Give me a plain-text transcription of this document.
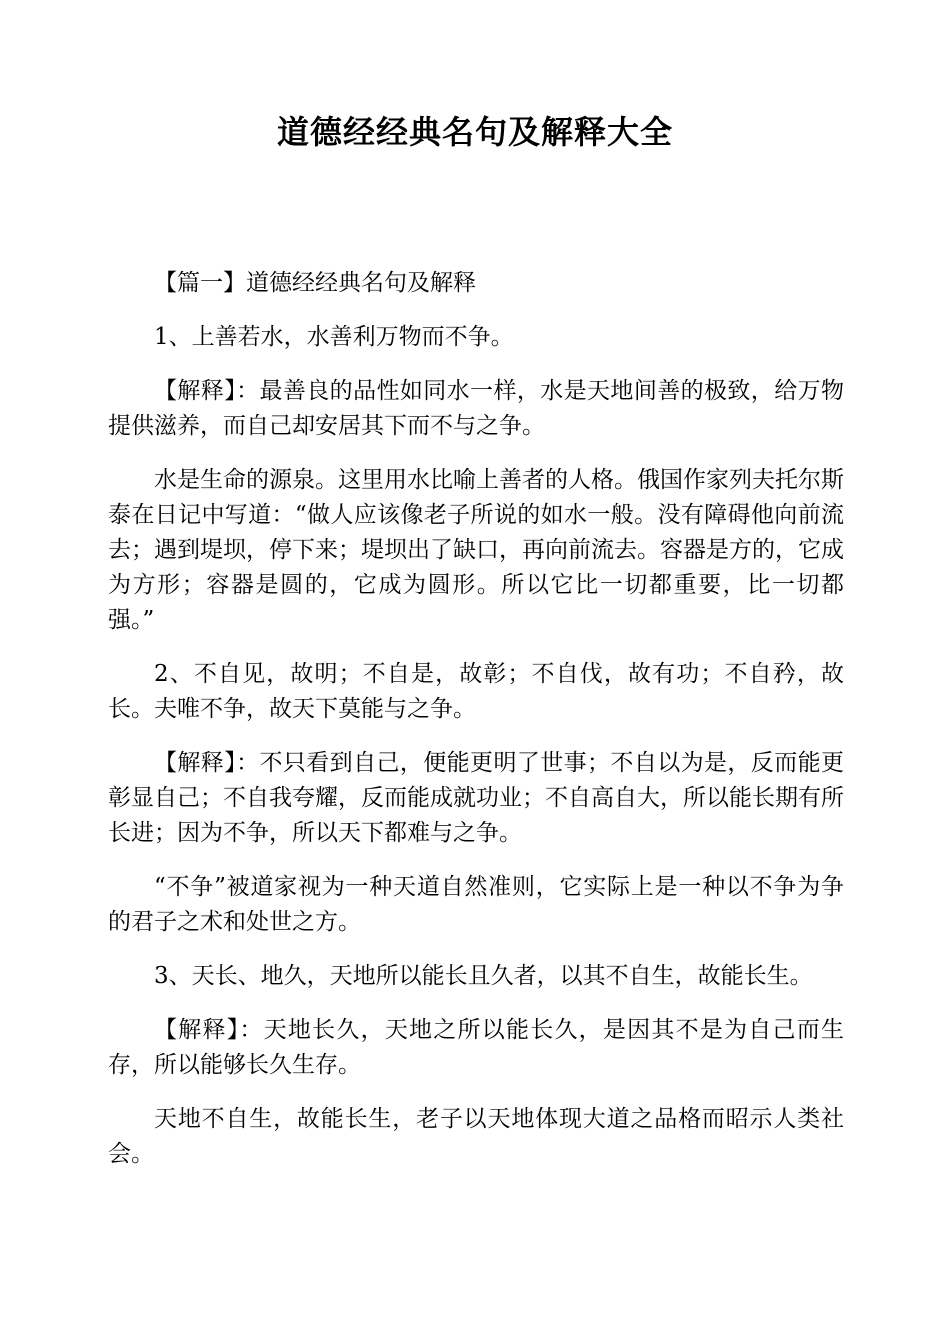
道德经经典名句及解释大全

【篇一】道德经经典名句及解释

1、上善若水，水善利万物而不争。

【解释】：最善良的品性如同水一样，水是天地间善的极致，给万物提供滋养，而自己却安居其下而不与之争。

水是生命的源泉。这里用水比喻上善者的人格。俄国作家列夫托尔斯泰在日记中写道：“做人应该像老子所说的如水一般。没有障碍他向前流去；遇到堤坝，停下来；堤坝出了缺口，再向前流去。容器是方的，它成为方形；容器是圆的，它成为圆形。所以它比一切都重要，比一切都强。”

2、不自见，故明；不自是，故彰；不自伐，故有功；不自矜，故长。夫唯不争，故天下莫能与之争。

【解释】：不只看到自己，便能更明了世事；不自以为是，反而能更彰显自己；不自我夸耀，反而能成就功业；不自高自大，所以能长期有所长进；因为不争，所以天下都难与之争。

“不争”被道家视为一种天道自然准则，它实际上是一种以不争为争的君子之术和处世之方。

3、天长、地久，天地所以能长且久者，以其不自生，故能长生。

【解释】：天地长久，天地之所以能长久，是因其不是为自己而生存，所以能够长久生存。

天地不自生，故能长生，老子以天地体现大道之品格而昭示人类社会。
